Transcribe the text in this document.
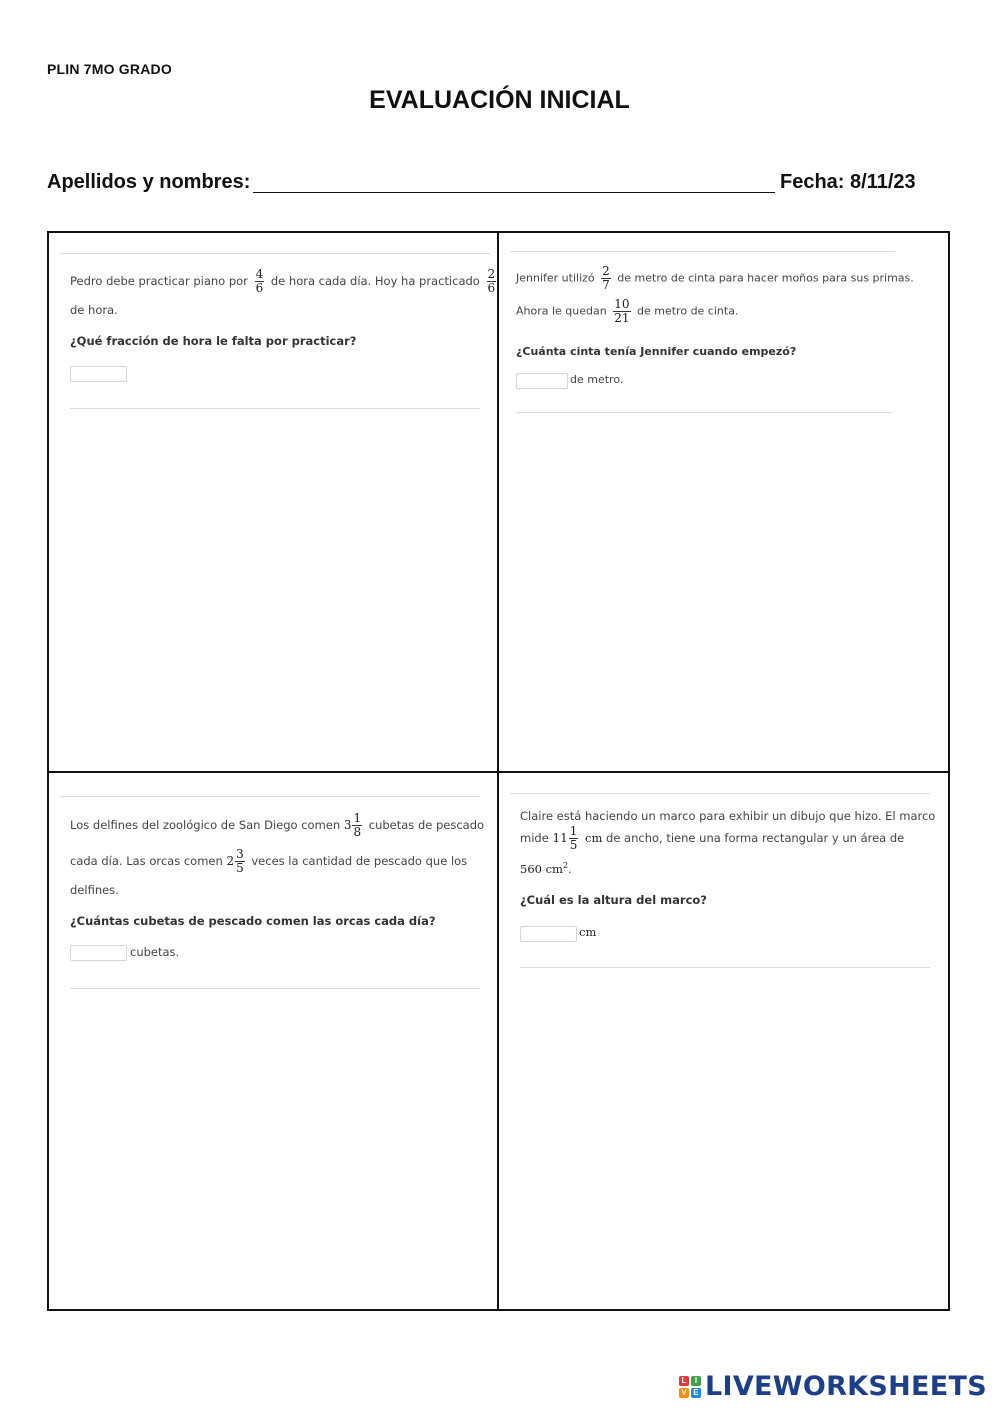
PLIN 7MO GRADO
EVALUACIÓN INICIAL
Apellidos y nombres:	Fecha: 8/11/23
Pedro debe practicar piano por $\frac{4}{6}$ de hora cada día. Hoy ha practicado $\frac{2}{6}$
de hora.
¿Qué fracción de hora le falta por practicar?
Jennifer utilizó $\frac{2}{7}$ de metro de cinta para hacer moños para sus primas.
Ahora le quedan $\frac{10}{21}$ de metro de cinta.
¿Cuánta cinta tenía Jennifer cuando empezó?
de metro.
Los delfines del zoológico de San Diego comen $3 \frac{1}{8}$ cubetas de pescado
cada día. Las orcas comen $2 \frac{3}{5}$ veces la cantidad de pescado que los
delfines.
¿Cuántas cubetas de pescado comen las orcas cada día?
cubetas.
Claire está haciendo un marco para exhibir un dibujo que hizo. El marco
mide $11 \frac{1}{5}$ cm de ancho, tiene una forma rectangular y un área de
560 $cm^2$.
¿Cuál es la altura del marco?
cm
L	I
V E LIVEWORKSHEETS
